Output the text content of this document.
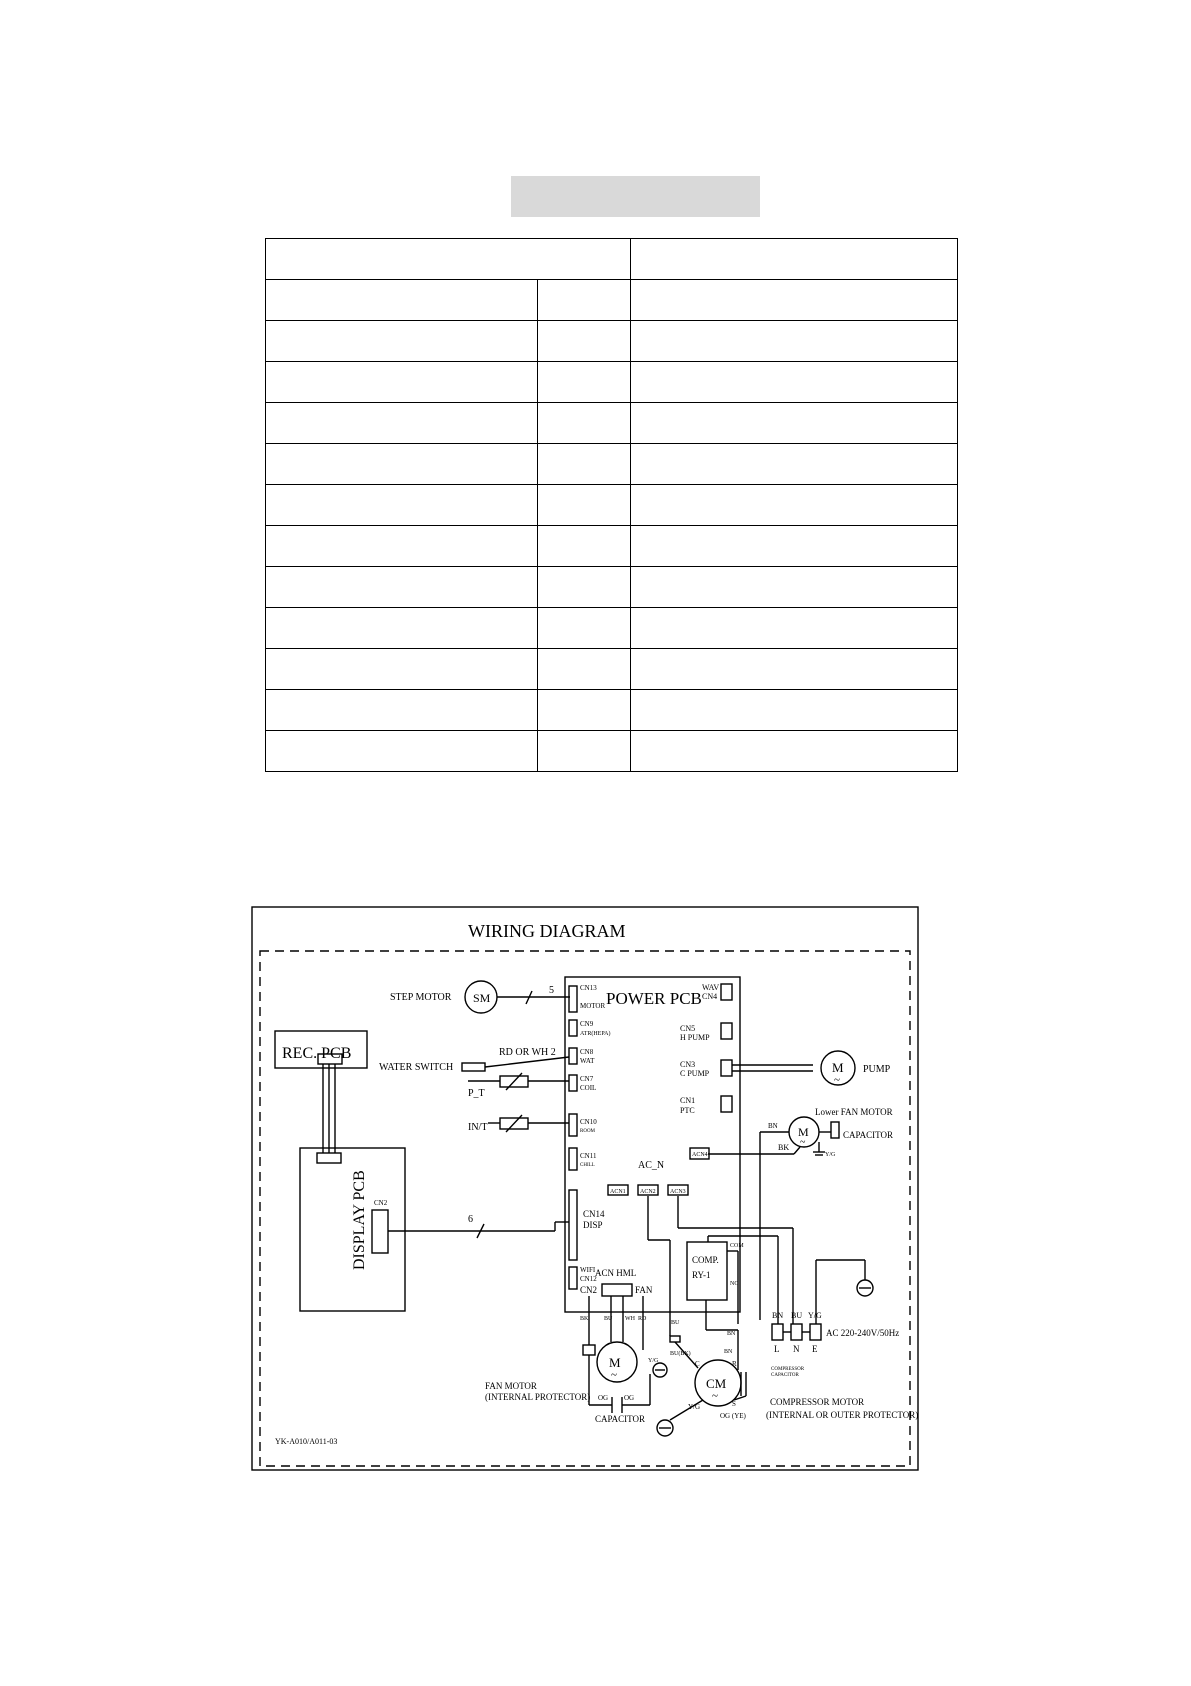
WIRING DIAGRAM
POWER PCB
REC. PCB
DISPLAY PCB CN2
STEP MOTOR SM
5
WATER SWITCH
RD OR WH 2
P_T
IN/T
CN13
MOTOR
CN9
ATR(HEPA)
CN8
WAT
CN7
COIL
CN10
ROOM
CN11
CHILL
CN14
DISP
WIFI
CN12
AC_N
ACN1 ACN2 ACN3
ACN4
WAV
CN4
CN5
H PUMP
CN3
C PUMP
CN1
PTC
M
~
PUMP
M
~
Lower FAN MOTOR
CAPACITOR
BN
BK
Y/G
6
COMP.
RY-1
COM
NO
ACN HML
CN2	FAN
BK	BU WH RD
BU
BU(BK)
BN
BN
M
~
Y/G
CM
~
C	R
S
OG OG
OG (YE)
Y/G
COMPRESSOR
CAPACITOR
BN BU Y/G
L N E
AC 220-240V/50Hz
FAN MOTOR
(INTERNAL PROTECTOR)
CAPACITOR
COMPRESSOR MOTOR
(INTERNAL OR OUTER PROTECTOR)
YK-A010/A011-03
